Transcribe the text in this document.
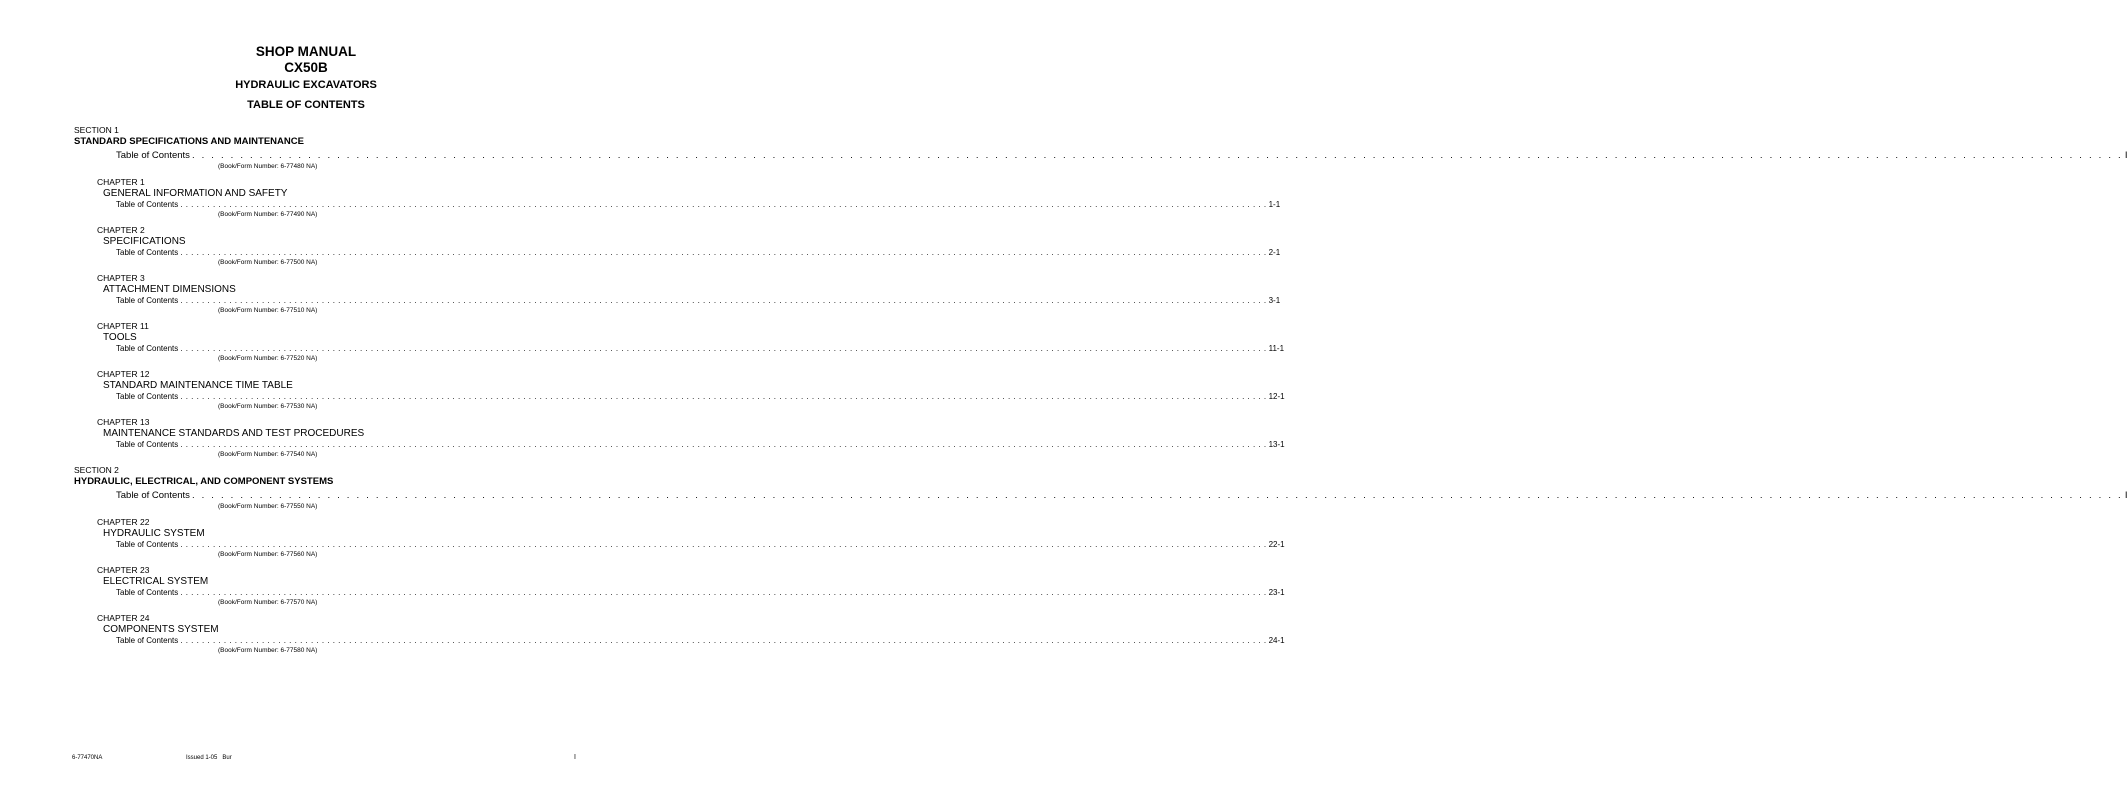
SHOP MANUAL
CX50B
HYDRAULIC EXCAVATORS
TABLE OF CONTENTS
SECTION 1
STANDARD SPECIFICATIONS AND MAINTENANCE
Table of Contents . . . . . . . . . . . . . . . . . . . . . . . . . . . . . . . . . . . . . . . . . . . . . . . . . . . . . . . . . . . . . . . . . . . . . . . . . . . . . . . . . . . . . . . . . . . . . . . . . . . . . . . . . . . . . . . . . . . . . . . . . . . . . . . . . . . . . . . . . . . . . . . . . . . . . . . . . . . . . . . . . . . . . . . . . . . . . . . . . . . . . . . . . . . . . . . . . . . . . . . . I
(Book/Form Number: 6-77480 NA)
CHAPTER 1
GENERAL INFORMATION AND SAFETY
Table of Contents . . . . . . . . . . . . . . . . . . . . . . . . . . . . . . . . . . . . . . . . . . . . . . . . . . . . . . . . . . . . . . . . . . . . . . . . . . . . . . . . . . . . . . . . . . . . . . . . . . . . . . . . . . . . . . . . . . . . . . . . . . . . . . . . . . . . . . . . . . . . . . . . . . . . . . . . . . . . . . . . . . . . . . . . . . . . . . . . . . . . . . . . . . . . . . . . . . . . . . . . 1-1
(Book/Form Number: 6-77490 NA)
CHAPTER 2
SPECIFICATIONS
Table of Contents . . . . . . . . . . . . . . . . . . . . . . . . . . . . . . . . . . . . . . . . . . . . . . . . . . . . . . . . . . . . . . . . . . . . . . . . . . . . . . . . . . . . . . . . . . . . . . . . . . . . . . . . . . . . . . . . . . . . . . . . . . . . . . . . . . . . . . . . . . . . . . . . . . . . . . . . . . . . . . . . . . . . . . . . . . . . . . . . . . . . . . . . . . . . . . . . . . . . . . . . 2-1
(Book/Form Number: 6-77500 NA)
CHAPTER 3
ATTACHMENT DIMENSIONS
Table of Contents . . . . . . . . . . . . . . . . . . . . . . . . . . . . . . . . . . . . . . . . . . . . . . . . . . . . . . . . . . . . . . . . . . . . . . . . . . . . . . . . . . . . . . . . . . . . . . . . . . . . . . . . . . . . . . . . . . . . . . . . . . . . . . . . . . . . . . . . . . . . . . . . . . . . . . . . . . . . . . . . . . . . . . . . . . . . . . . . . . . . . . . . . . . . . . . . . . . . . . . . 3-1
(Book/Form Number: 6-77510 NA)
CHAPTER 11
TOOLS
Table of Contents . . . . . . . . . . . . . . . . . . . . . . . . . . . . . . . . . . . . . . . . . . . . . . . . . . . . . . . . . . . . . . . . . . . . . . . . . . . . . . . . . . . . . . . . . . . . . . . . . . . . . . . . . . . . . . . . . . . . . . . . . . . . . . . . . . . . . . . . . . . . . . . . . . . . . . . . . . . . . . . . . . . . . . . . . . . . . . . . . . . . . . . . . . . . . . . . . . . . . . . . 11-1
(Book/Form Number: 6-77520 NA)
CHAPTER 12
STANDARD MAINTENANCE TIME TABLE
Table of Contents . . . . . . . . . . . . . . . . . . . . . . . . . . . . . . . . . . . . . . . . . . . . . . . . . . . . . . . . . . . . . . . . . . . . . . . . . . . . . . . . . . . . . . . . . . . . . . . . . . . . . . . . . . . . . . . . . . . . . . . . . . . . . . . . . . . . . . . . . . . . . . . . . . . . . . . . . . . . . . . . . . . . . . . . . . . . . . . . . . . . . . . . . . . . . . . . . . . . . . . . 12-1
(Book/Form Number: 6-77530 NA)
CHAPTER 13
MAINTENANCE STANDARDS AND TEST PROCEDURES
Table of Contents . . . . . . . . . . . . . . . . . . . . . . . . . . . . . . . . . . . . . . . . . . . . . . . . . . . . . . . . . . . . . . . . . . . . . . . . . . . . . . . . . . . . . . . . . . . . . . . . . . . . . . . . . . . . . . . . . . . . . . . . . . . . . . . . . . . . . . . . . . . . . . . . . . . . . . . . . . . . . . . . . . . . . . . . . . . . . . . . . . . . . . . . . . . . . . . . . . . . . . . . 13-1
(Book/Form Number: 6-77540 NA)
SECTION 2
HYDRAULIC, ELECTRICAL, AND COMPONENT SYSTEMS
Table of Contents . . . . . . . . . . . . . . . . . . . . . . . . . . . . . . . . . . . . . . . . . . . . . . . . . . . . . . . . . . . . . . . . . . . . . . . . . . . . . . . . . . . . . . . . . . . . . . . . . . . . . . . . . . . . . . . . . . . . . . . . . . . . . . . . . . . . . . . . . . . . . . . . . . . . . . . . . . . . . . . . . . . . . . . . . . . . . . . . . . . . . . . . . . . . . . . . . . . . . . . . I
(Book/Form Number: 6-77550 NA)
CHAPTER 22
HYDRAULIC SYSTEM
Table of Contents . . . . . . . . . . . . . . . . . . . . . . . . . . . . . . . . . . . . . . . . . . . . . . . . . . . . . . . . . . . . . . . . . . . . . . . . . . . . . . . . . . . . . . . . . . . . . . . . . . . . . . . . . . . . . . . . . . . . . . . . . . . . . . . . . . . . . . . . . . . . . . . . . . . . . . . . . . . . . . . . . . . . . . . . . . . . . . . . . . . . . . . . . . . . . . . . . . . . . . . . 22-1
(Book/Form Number: 6-77560 NA)
CHAPTER 23
ELECTRICAL SYSTEM
Table of Contents . . . . . . . . . . . . . . . . . . . . . . . . . . . . . . . . . . . . . . . . . . . . . . . . . . . . . . . . . . . . . . . . . . . . . . . . . . . . . . . . . . . . . . . . . . . . . . . . . . . . . . . . . . . . . . . . . . . . . . . . . . . . . . . . . . . . . . . . . . . . . . . . . . . . . . . . . . . . . . . . . . . . . . . . . . . . . . . . . . . . . . . . . . . . . . . . . . . . . . . . 23-1
(Book/Form Number: 6-77570 NA)
CHAPTER 24
COMPONENTS SYSTEM
Table of Contents . . . . . . . . . . . . . . . . . . . . . . . . . . . . . . . . . . . . . . . . . . . . . . . . . . . . . . . . . . . . . . . . . . . . . . . . . . . . . . . . . . . . . . . . . . . . . . . . . . . . . . . . . . . . . . . . . . . . . . . . . . . . . . . . . . . . . . . . . . . . . . . . . . . . . . . . . . . . . . . . . . . . . . . . . . . . . . . . . . . . . . . . . . . . . . . . . . . . . . . . 24-1
(Book/Form Number: 6-77580 NA)
6-77470NA	Issued 1-05   Bur	I
